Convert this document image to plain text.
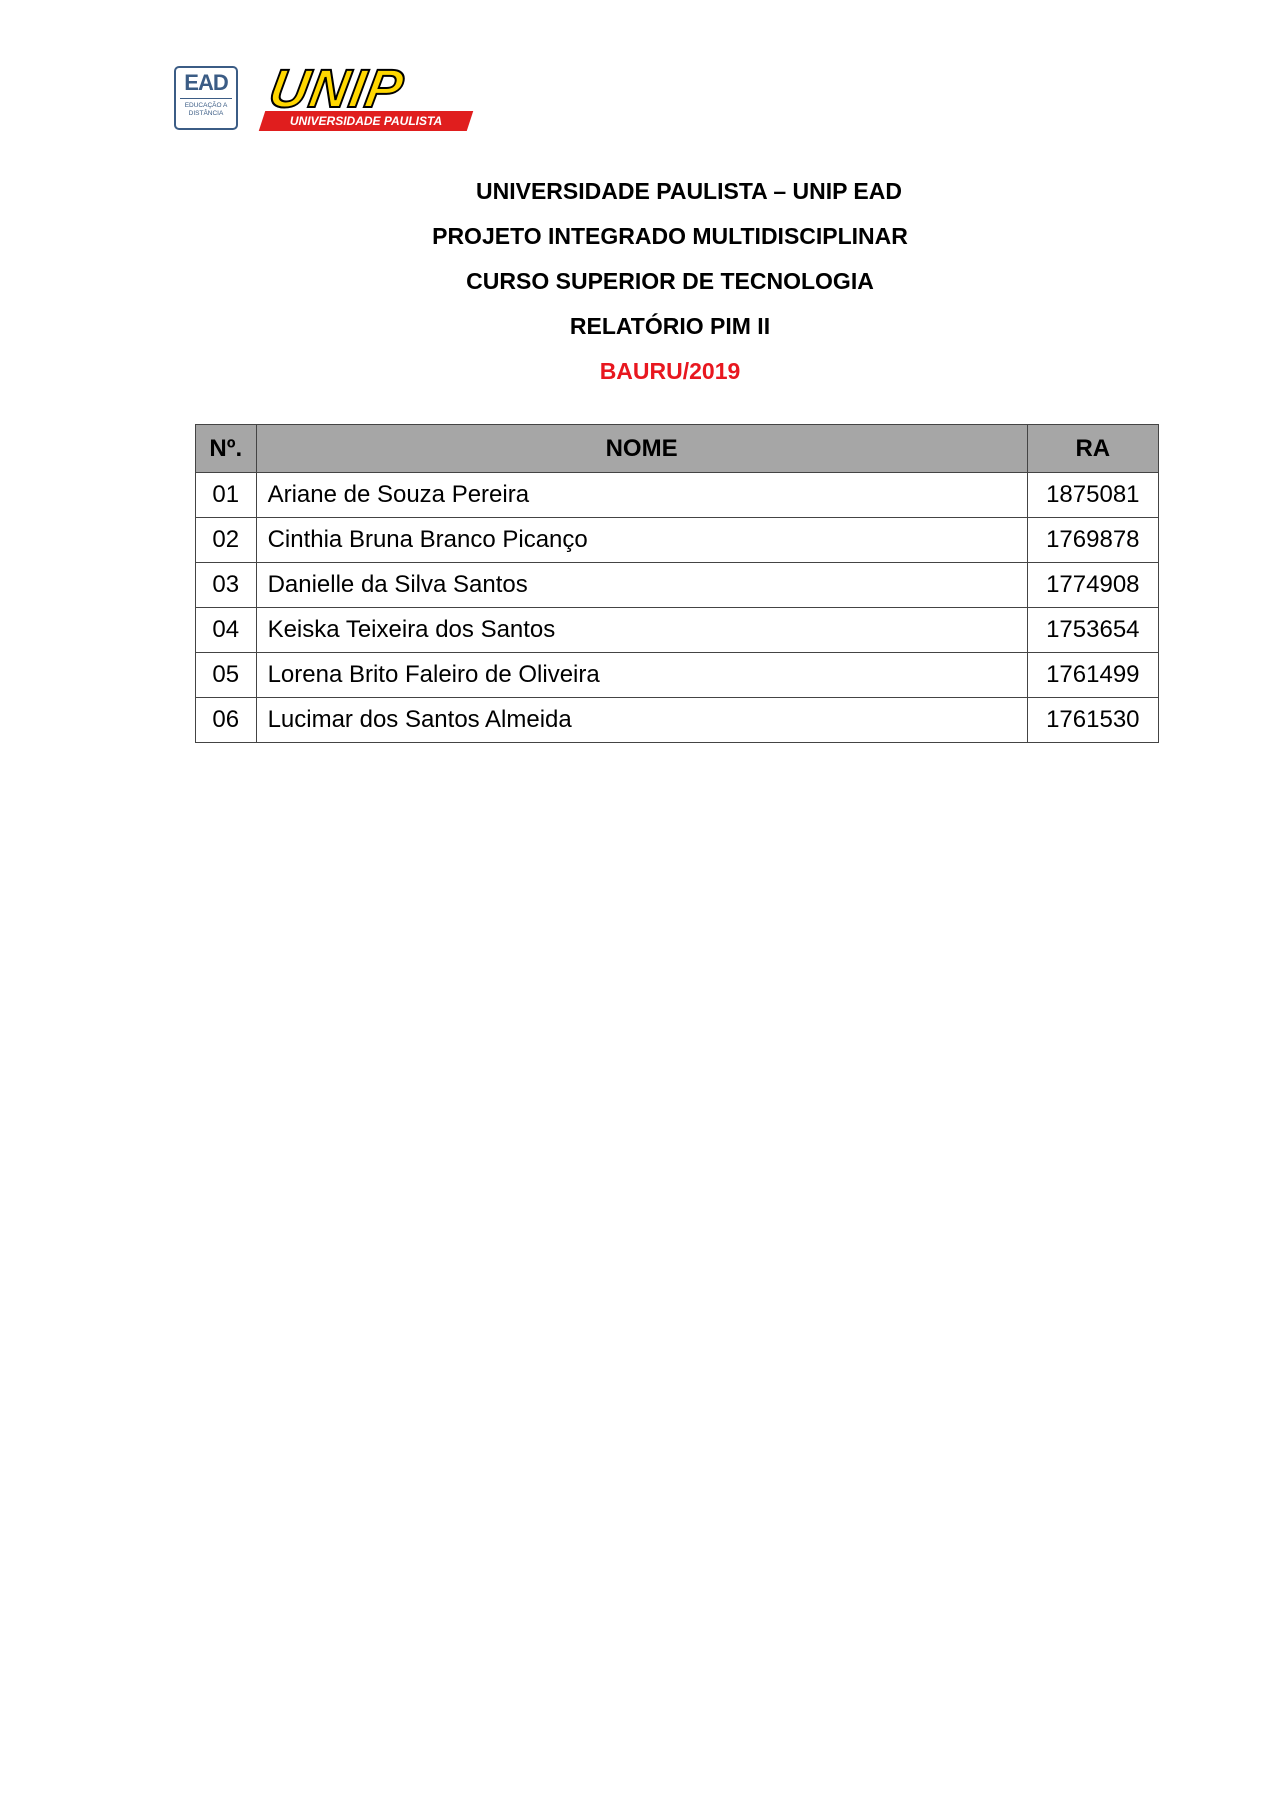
EAD
EDUCAÇÃO A
DISTÂNCIA
UNIVERSIDADE PAULISTA
UNIP
UNIVERSIDADE PAULISTA – UNIP EAD
PROJETO INTEGRADO MULTIDISCIPLINAR
CURSO SUPERIOR DE TECNOLOGIA
RELATÓRIO PIM II
BAURU/2019
Nº.	NOME	RA
01	Ariane de Souza Pereira	1875081
02	Cinthia Bruna Branco Picanço	1769878
03	Danielle da Silva Santos	1774908
04	Keiska Teixeira dos Santos	1753654
05	Lorena Brito Faleiro de Oliveira	1761499
06	Lucimar dos Santos Almeida	1761530
